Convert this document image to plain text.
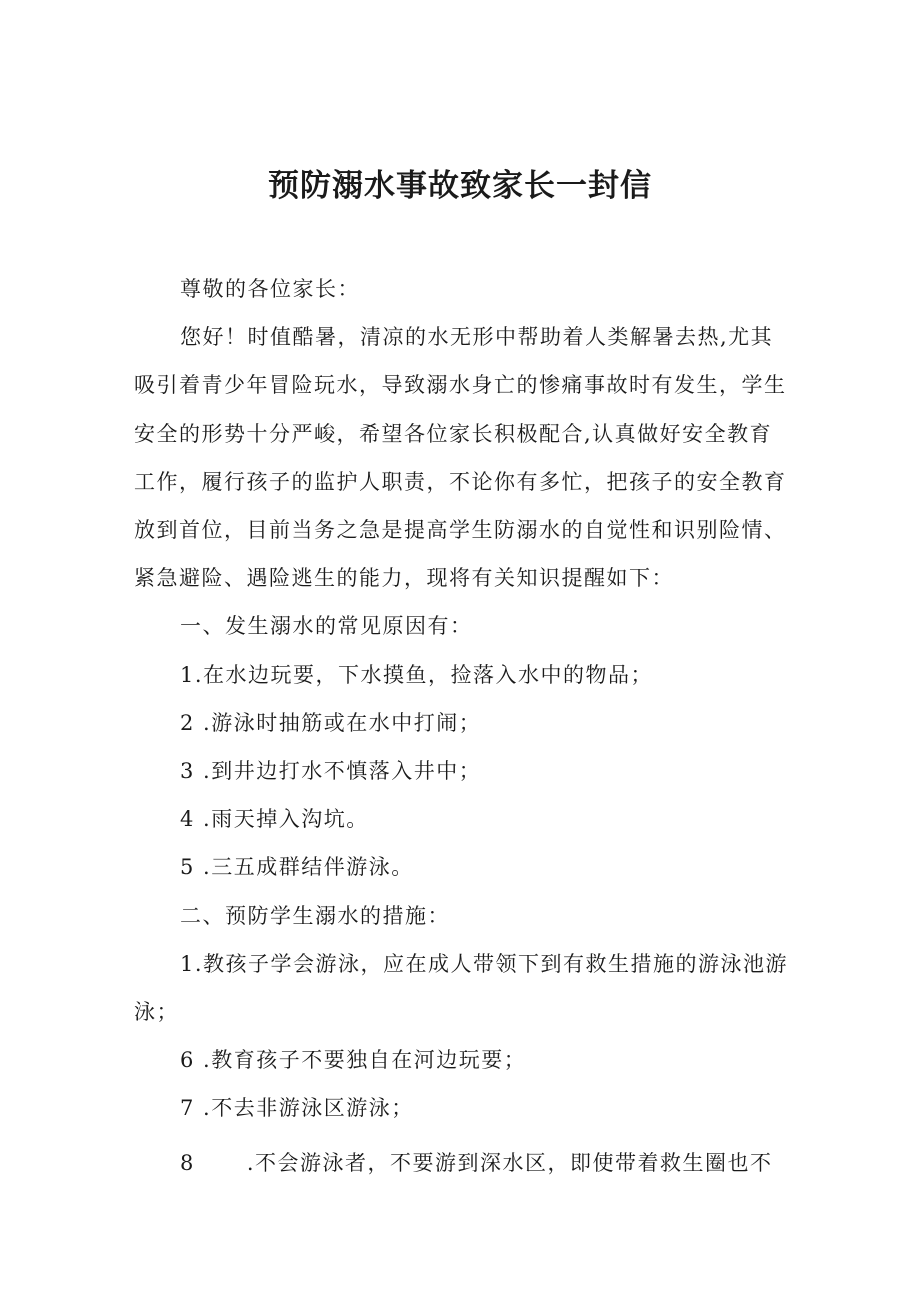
预防溺水事故致家长一封信

尊敬的各位家长：

您好！时值酷暑，清凉的水无形中帮助着人类解暑去热,尤其吸引着青少年冒险玩水，导致溺水身亡的惨痛事故时有发生，学生安全的形势十分严峻，希望各位家长积极配合,认真做好安全教育工作，履行孩子的监护人职责，不论你有多忙，把孩子的安全教育放到首位，目前当务之急是提高学生防溺水的自觉性和识别险情、紧急避险、遇险逃生的能力，现将有关知识提醒如下：

一、发生溺水的常见原因有：

1.在水边玩要，下水摸鱼，捡落入水中的物品；

2 .游泳时抽筋或在水中打闹；

3 .到井边打水不慎落入井中；

4 .雨天掉入沟坑。

5 .三五成群结伴游泳。

二、预防学生溺水的措施：

1.教孩子学会游泳，应在成人带领下到有救生措施的游泳池游泳；

6 .教育孩子不要独自在河边玩要；

7 .不去非游泳区游泳；

8 .不会游泳者，不要游到深水区，即使带着救生圈也不
